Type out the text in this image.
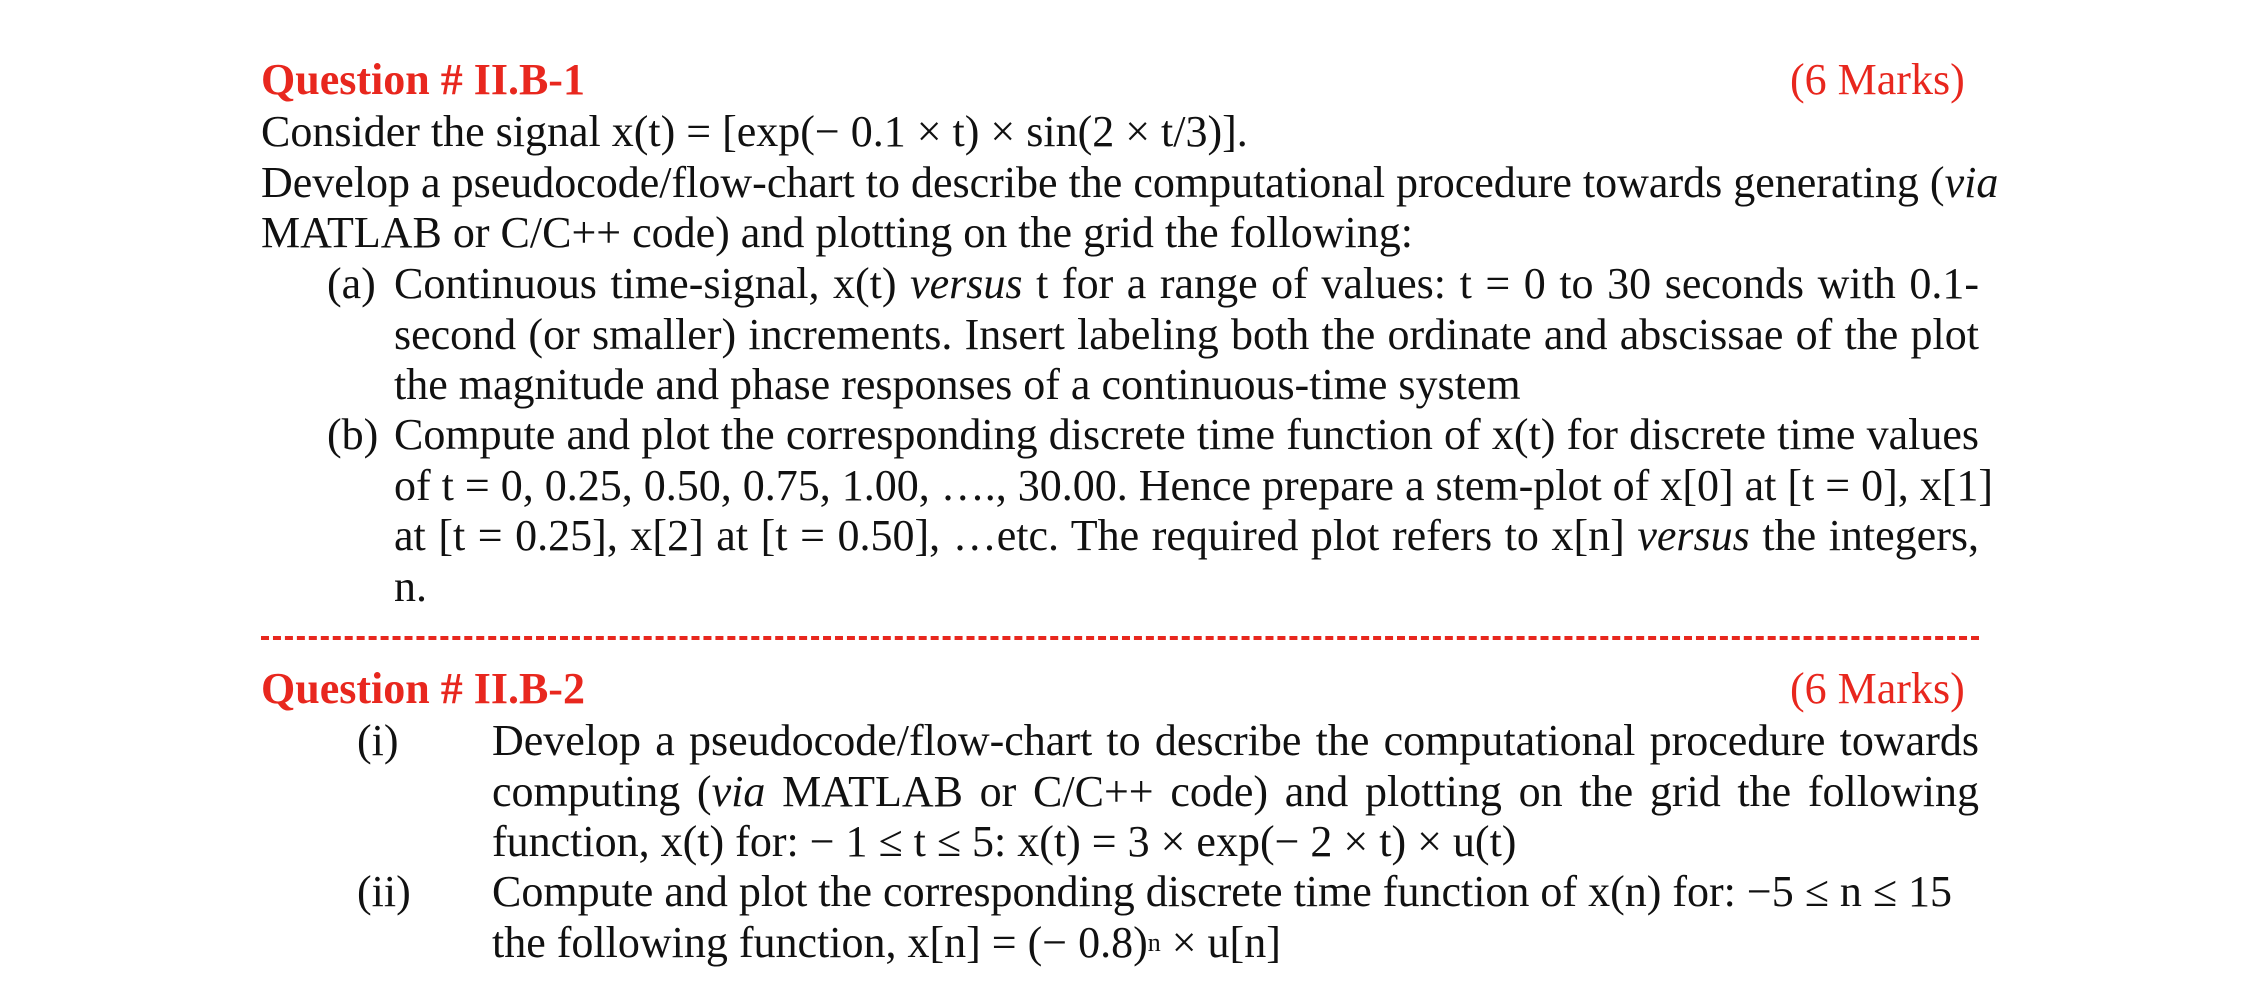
Question # II.B-1	(6 Marks)
Consider the signal x(t) = [exp(− 0.1 × t) × sin(2 × t/3)].
Develop a pseudocode/flow-chart to describe the computational procedure towards generating (via
MATLAB or C/C++ code) and plotting on the grid the following:
(a) Continuous time-signal, x(t) versus t for a range of values: t = 0 to 30 seconds with 0.1-
second (or smaller) increments. Insert labeling both the ordinate and abscissae of the plot
the magnitude and phase responses of a continuous-time system
(b) Compute and plot the corresponding discrete time function of x(t) for discrete time values
of t = 0, 0.25, 0.50, 0.75, 1.00, …., 30.00. Hence prepare a stem-plot of x[0] at [t = 0], x[1]
at [t = 0.25], x[2] at [t = 0.50], …etc. The required plot refers to x[n] versus the integers,
n.
Question # II.B-2	(6 Marks)
(i) Develop a pseudocode/flow-chart to describe the computational procedure towards
computing (via MATLAB or C/C++ code) and plotting on the grid the following
function, x(t) for: − 1 ≤ t ≤ 5: x(t) = 3 × exp(− 2 × t) × u(t)
(ii) Compute and plot the corresponding discrete time function of x(n) for: −5 ≤ n ≤ 15
the following function, x[n] = (− 0.8)$^n$ × u[n]
